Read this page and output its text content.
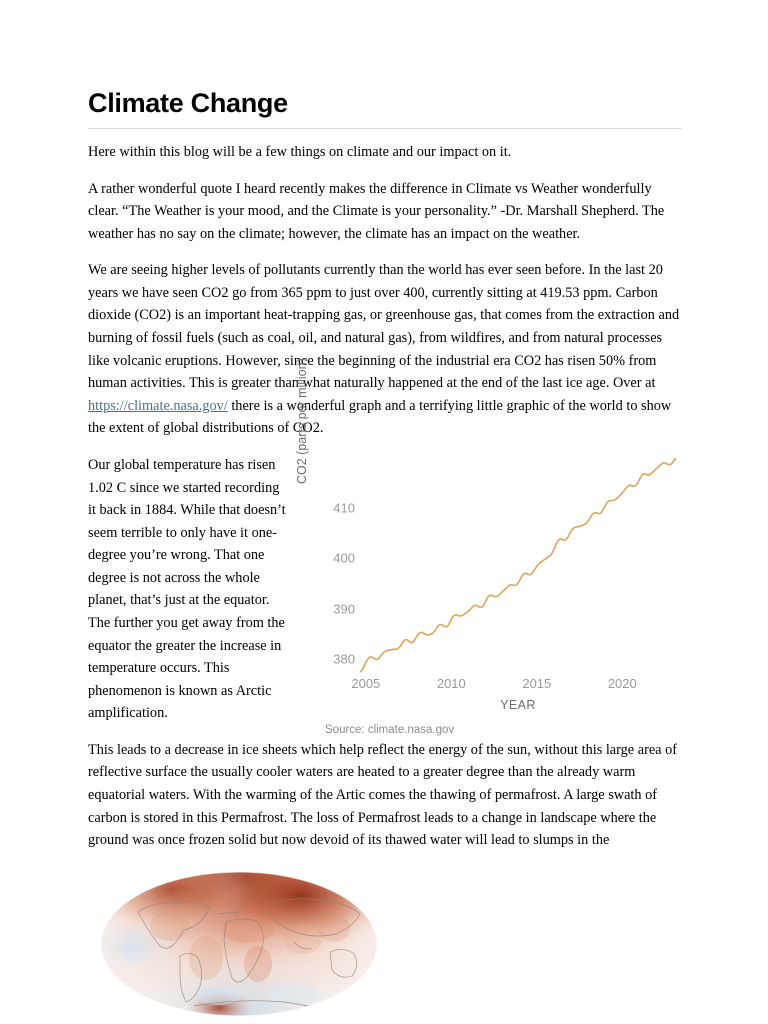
Climate Change

Here within this blog will be a few things on climate and our impact on it.

A rather wonderful quote I heard recently makes the difference in Climate vs Weather wonderfully clear. “The Weather is your mood, and the Climate is your personality.” -Dr. Marshall Shepherd. The weather has no say on the climate; however, the climate has an impact on the weather.

We are seeing higher levels of pollutants currently than the world has ever seen before. In the last 20 years we have seen CO2 go from 365 ppm to just over 400, currently sitting at 419.53 ppm. Carbon dioxide (CO2) is an important heat-trapping gas, or greenhouse gas, that comes from the extraction and burning of fossil fuels (such as coal, oil, and natural gas), from wildfires, and from natural processes like volcanic eruptions. However, since the beginning of the industrial era CO2 has risen 50% from human activities. This is greater than what naturally happened at the end of the last ice age. Over at https://climate.nasa.gov/ there is a wonderful graph and a terrifying little graphic of the world to show the extent of global distributions of CO2.

CO2 (parts per million)
380
390
400
410
2005	2010	2015	2020
YEAR
Source: climate.nasa.gov

Our global temperature has risen 1.02 C since we started recording it back in 1884. While that doesn’t seem terrible to only have it one-degree you’re wrong. That one degree is not across the whole planet, that’s just at the equator. The further you get away from the equator the greater the increase in temperature occurs. This phenomenon is known as Arctic amplification.

This leads to a decrease in ice sheets which help reflect the energy of the sun, without this large area of reflective surface the usually cooler waters are heated to a greater degree than the already warm equatorial waters. With the warming of the Artic comes the thawing of permafrost. A large swath of carbon is stored in this Permafrost. The loss of Permafrost leads to a change in landscape where the ground was once frozen solid but now devoid of its thawed water will lead to slumps in the
